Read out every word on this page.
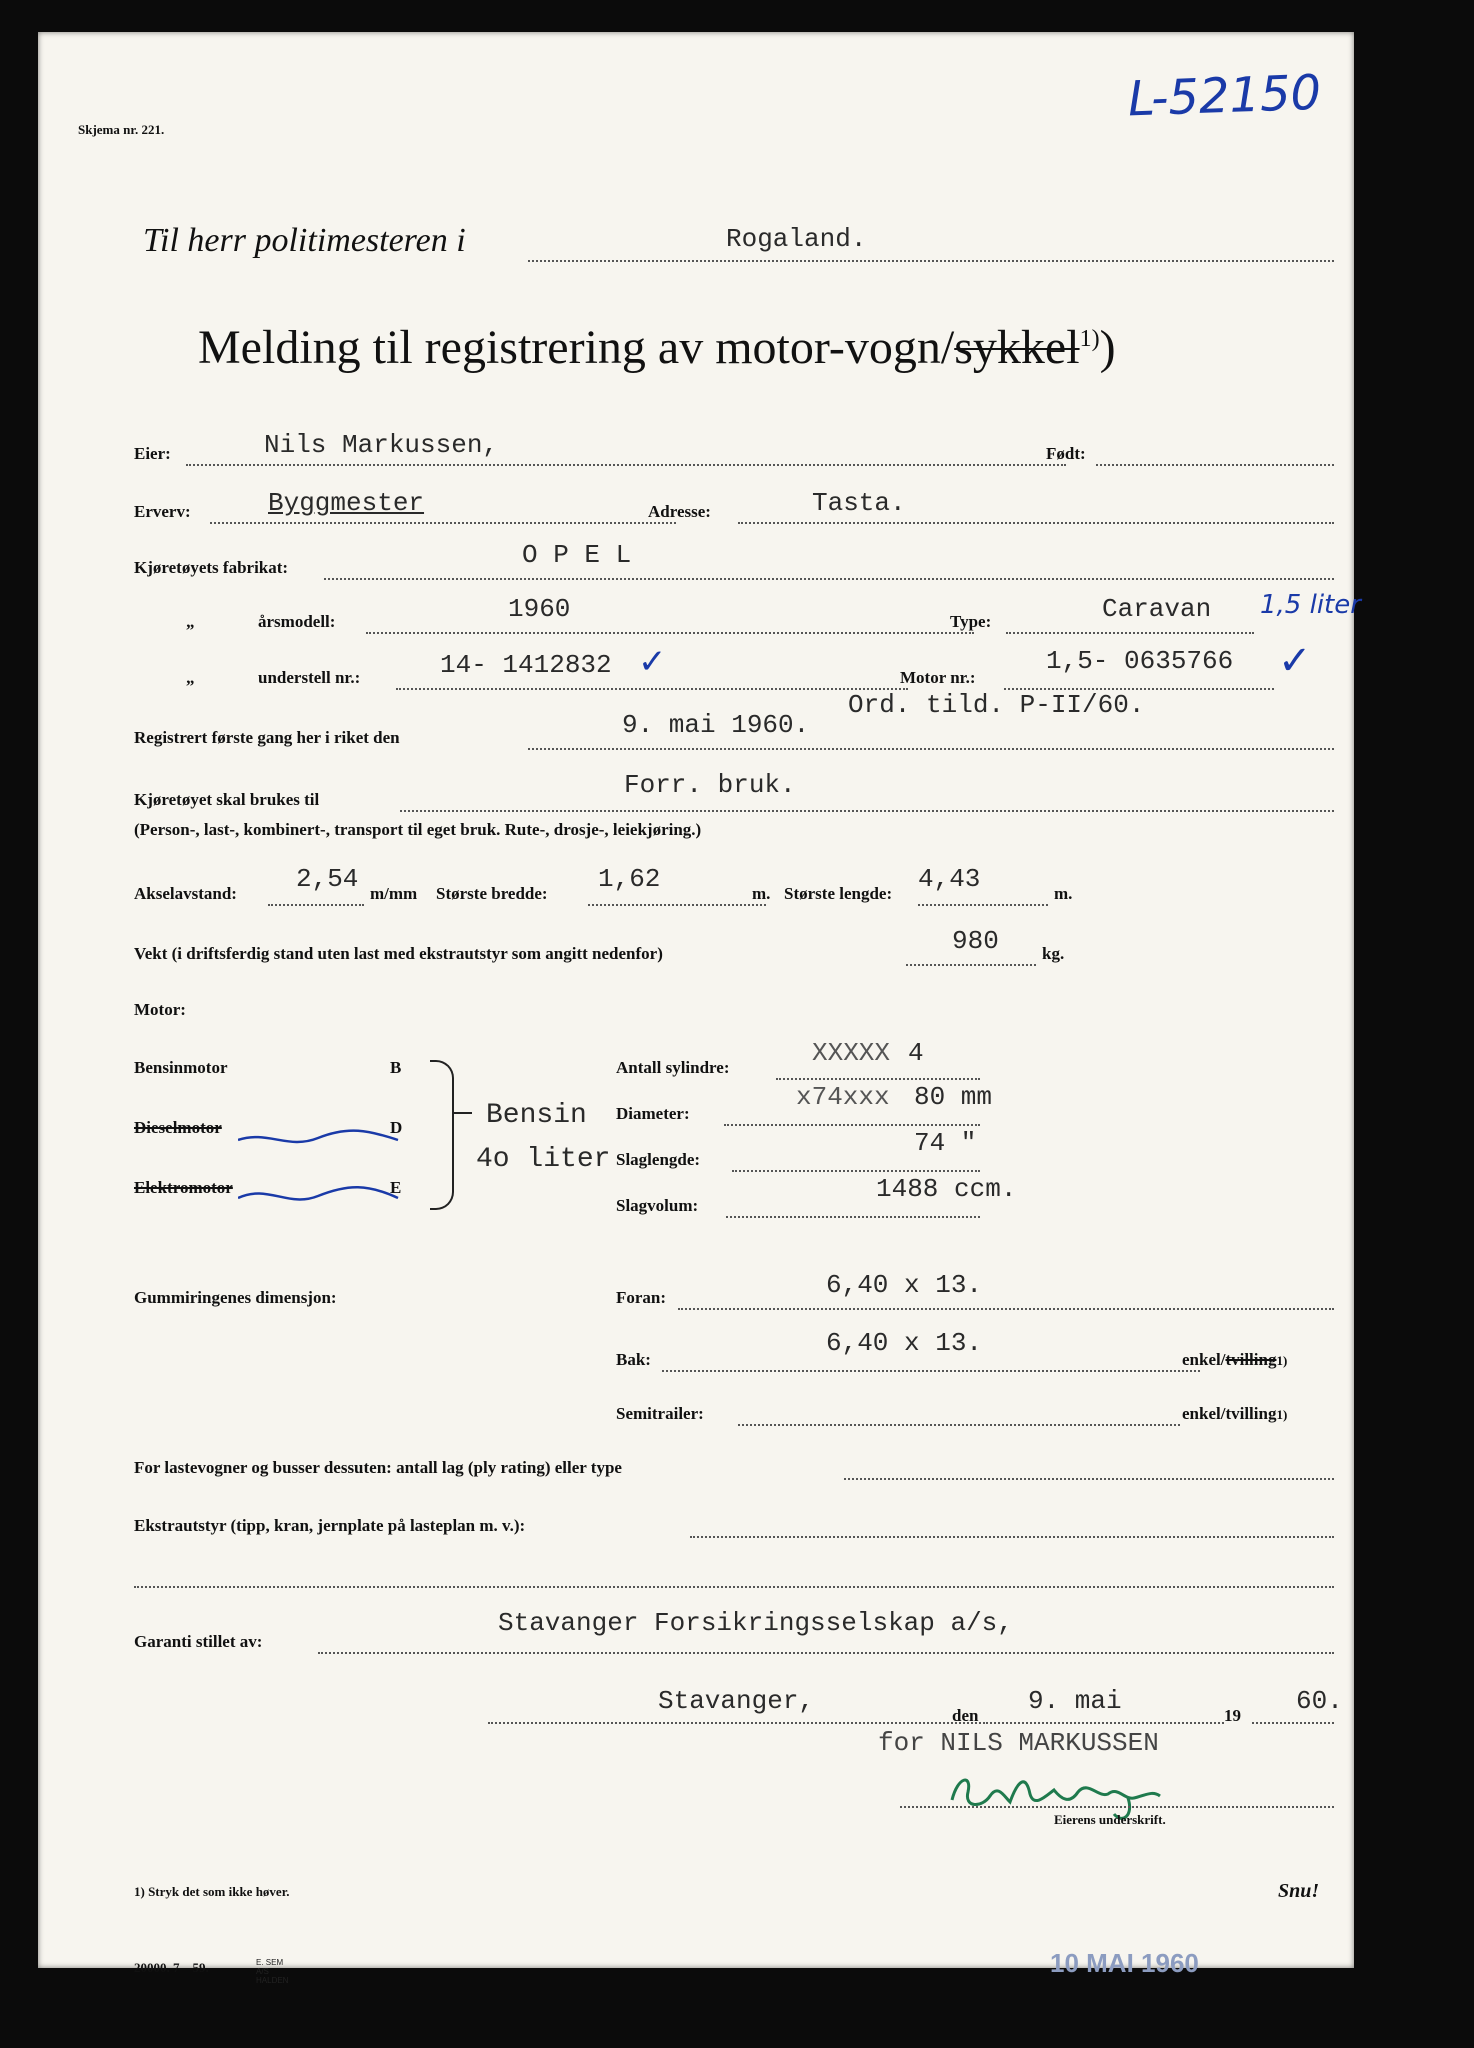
Skjema nr. 221.
L-52150
Til herr politimesteren i	Rogaland.
Melding til registrering av motor-vogn/sykkel$^{1)}$)
Eier:	Nils Markussen,	Født:
Erverv:	Byggmester	Adresse:	Tasta.
Kjøretøyets fabrikat:	O P E L
„	årsmodell:	1960	Type:	Caravan 1,5 liter
„	understell nr.:	14- 1412832 ✓	Motor nr.:
1,5- 0635766 ✓
Registrert første gang her i riket den	9. mai 1960.
Ord. tild. P-II/60.
Kjøretøyet skal brukes til	Forr. bruk.
(Person-, last-, kombinert-, transport til eget bruk. Rute-, drosje-, leiekjøring.)
Akselavstand: 2,54 m/mm Største bredde: 1,62	m. Største lengde: 4,43	m.
Vekt (i driftsferdig stand uten last med ekstrautstyr som angitt nedenfor)	980	kg.
Motor:
Bensinmotor	B
Dieselmotor	D
Elektromotor	E
Bensin
4o liter
Antall sylindre:	XXXXX 4
Diameter:
x74xxx 80 mm
Slaglengde:
74 "
Slagvolum:
1488 ccm.
Gummiringenes dimensjon:	Foran:	6,40 x 13.
Bak:
6,40 x 13.
enkel/tvilling1)
Semitrailer:	enkel/tvilling1)
For lastevogner og busser dessuten: antall lag (ply rating) eller type
Ekstrautstyr (tipp, kran, jernplate på lasteplan m. v.):
Garanti stillet av:
Stavanger Forsikringsselskap a/s,
Stavanger,	den 9. mai	19 60.
for NILS MARKUSSEN
Eierens underskrift.
1) Stryk det som ikke høver.	Snu!
20000. 7—59.	E. SEM A/S HALDEN
10 MAI 1960
